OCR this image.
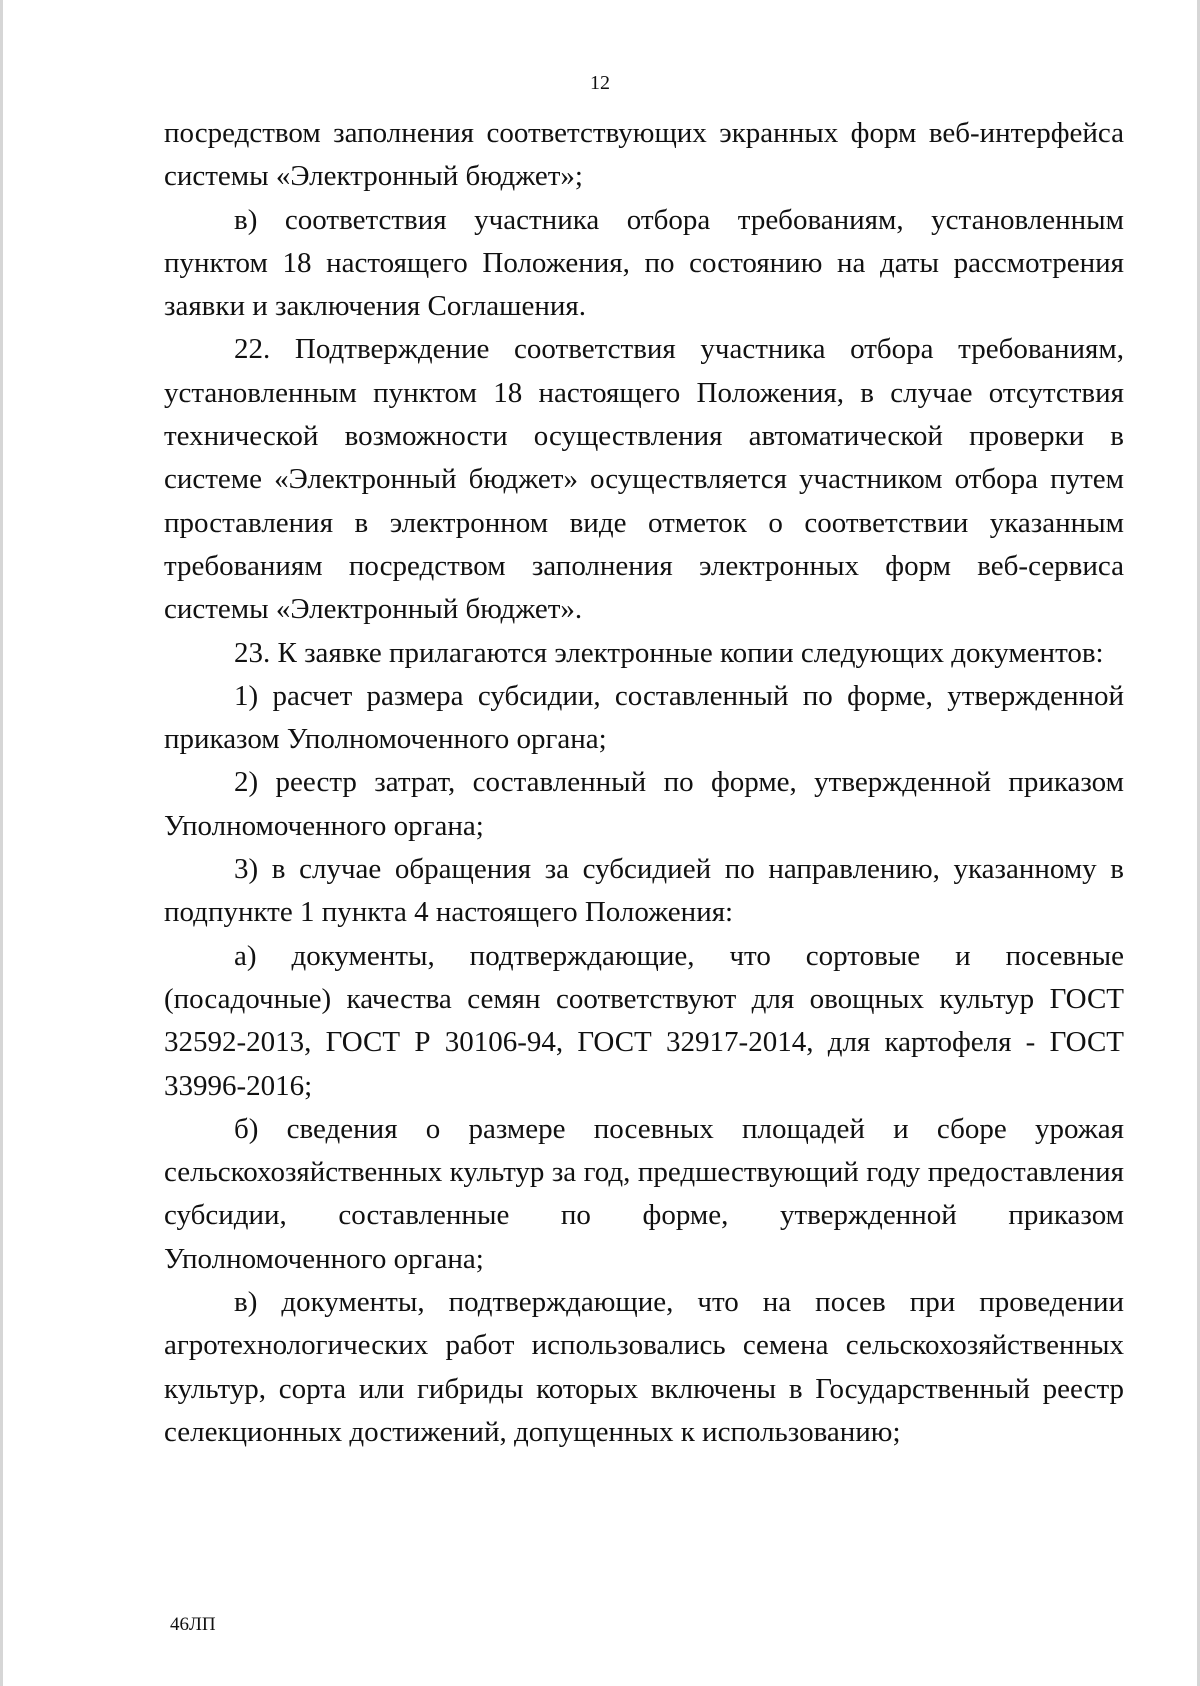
12

посредством заполнения соответствующих экранных форм веб-интерфейса системы «Электронный бюджет»;

в) соответствия участника отбора требованиям, установленным пунктом 18 настоящего Положения, по состоянию на даты рассмотрения заявки и заключения Соглашения.

22. Подтверждение соответствия участника отбора требованиям, установленным пунктом 18 настоящего Положения, в случае отсутствия технической возможности осуществления автоматической проверки в системе «Электронный бюджет» осуществляется участником отбора путем проставления в электронном виде отметок о соответствии указанным требованиям посредством заполнения электронных форм веб-сервиса системы «Электронный бюджет».

23. К заявке прилагаются электронные копии следующих документов:

1) расчет размера субсидии, составленный по форме, утвержденной приказом Уполномоченного органа;

2) реестр затрат, составленный по форме, утвержденной приказом Уполномоченного органа;

3) в случае обращения за субсидией по направлению, указанному в подпункте 1 пункта 4 настоящего Положения:

а) документы, подтверждающие, что сортовые и посевные (посадочные) качества семян соответствуют для овощных культур ГОСТ 32592-2013, ГОСТ Р 30106-94, ГОСТ 32917-2014, для картофеля - ГОСТ 33996-2016;

б) сведения о размере посевных площадей и сборе урожая сельскохозяйственных культур за год, предшествующий году предоставления субсидии, составленные по форме, утвержденной приказом Уполномоченного органа;

в) документы, подтверждающие, что на посев при проведении агротехнологических работ использовались семена сельскохозяйственных культур, сорта или гибриды которых включены в Государственный реестр селекционных достижений, допущенных к использованию;

46ЛП
